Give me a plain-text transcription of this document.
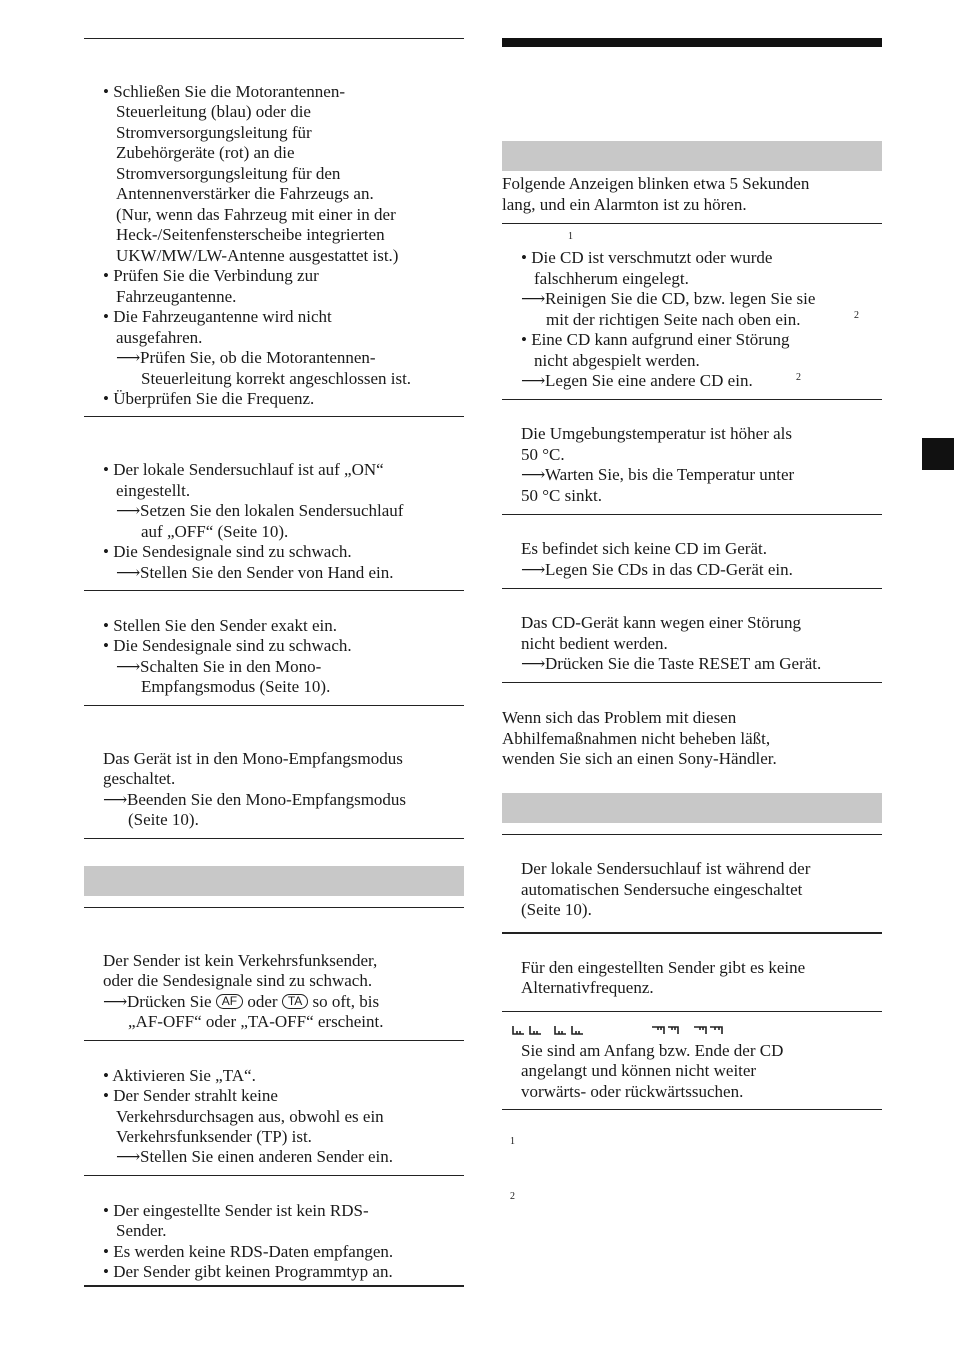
• Schließen Sie die Motorantennen-

Steuerleitung (blau) oder die

Stromversorgungsleitung für

Zubehörgeräte (rot) an die

Stromversorgungsleitung für den

Antennenverstärker die Fahrzeugs an.

(Nur, wenn das Fahrzeug mit einer in der

Heck-/Seitenfensterscheibe integrierten

UKW/MW/LW-Antenne ausgestattet ist.)

• Prüfen Sie die Verbindung zur

Fahrzeugantenne.

• Die Fahrzeugantenne wird nicht

ausgefahren.

⟶Prüfen Sie, ob die Motorantennen-

Steuerleitung korrekt angeschlossen ist.

• Überprüfen Sie die Frequenz.

• Der lokale Sendersuchlauf ist auf „ON“

eingestellt.

⟶Setzen Sie den lokalen Sendersuchlauf

auf „OFF“ (Seite 10).

• Die Sendesignale sind zu schwach.

⟶Stellen Sie den Sender von Hand ein.

• Stellen Sie den Sender exakt ein.

• Die Sendesignale sind zu schwach.

⟶Schalten Sie in den Mono-

Empfangsmodus (Seite 10).

Das Gerät ist in den Mono-Empfangsmodus

geschaltet.

⟶Beenden Sie den Mono-Empfangsmodus

(Seite 10).

Der Sender ist kein Verkehrsfunksender,

oder die Sendesignale sind zu schwach.

⟶Drücken Sie AF oder TA so oft, bis

„AF-OFF“ oder „TA-OFF“ erscheint.

• Aktivieren Sie „TA“.

• Der Sender strahlt keine

Verkehrsdurchsagen aus, obwohl es ein

Verkehrsfunksender (TP) ist.

⟶Stellen Sie einen anderen Sender ein.

• Der eingestellte Sender ist kein RDS-

Sender.

• Es werden keine RDS-Daten empfangen.

• Der Sender gibt keinen Programmtyp an.

Folgende Anzeigen blinken etwa 5 Sekunden

lang, und ein Alarmton ist zu hören.

1

• Die CD ist verschmutzt oder wurde

falschherum eingelegt.

⟶Reinigen Sie die CD, bzw. legen Sie sie

mit der richtigen Seite nach oben ein.	2

• Eine CD kann aufgrund einer Störung

nicht abgespielt werden.

⟶Legen Sie eine andere CD ein.	2

Die Umgebungstemperatur ist höher als

50 °C.

⟶Warten Sie, bis die Temperatur unter

50 °C sinkt.

Es befindet sich keine CD im Gerät.

⟶Legen Sie CDs in das CD-Gerät ein.

Das CD-Gerät kann wegen einer Störung

nicht bedient werden.

⟶Drücken Sie die Taste RESET am Gerät.

Wenn sich das Problem mit diesen

Abhilfemaßnahmen nicht beheben läßt,

wenden Sie sich an einen Sony-Händler.

Der lokale Sendersuchlauf ist während der

automatischen Sendersuche eingeschaltet

(Seite 10).

Für den eingestellten Sender gibt es keine

Alternativfrequenz.

Sie sind am Anfang bzw. Ende der CD

angelangt und können nicht weiter

vorwärts- oder rückwärtssuchen.

1
2
